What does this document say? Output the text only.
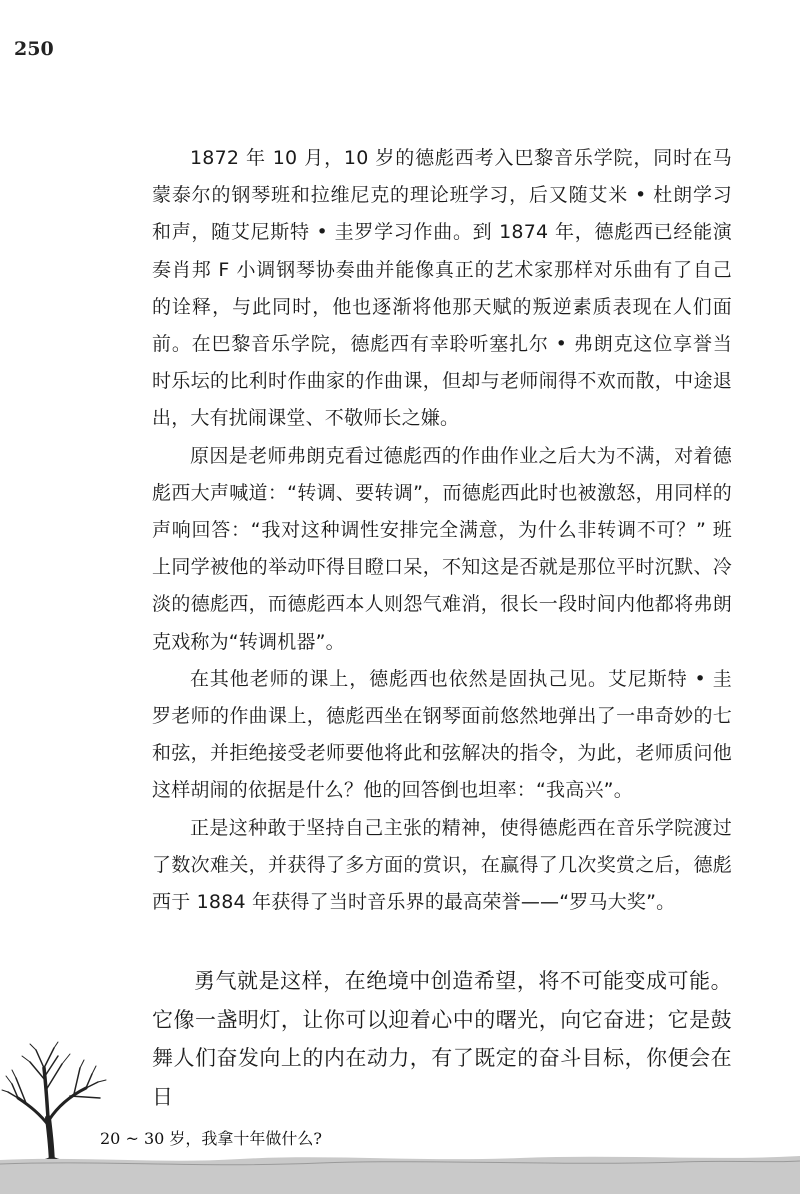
250

1872 年 10 月，10 岁的德彪西考入巴黎音乐学院，同时在马蒙泰尔的钢琴班和拉维尼克的理论班学习，后又随艾米 • 杜朗学习和声，随艾尼斯特 • 圭罗学习作曲。到 1874 年，德彪西已经能演奏肖邦 F 小调钢琴协奏曲并能像真正的艺术家那样对乐曲有了自己的诠释，与此同时，他也逐渐将他那天赋的叛逆素质表现在人们面前。在巴黎音乐学院，德彪西有幸聆听塞扎尔 • 弗朗克这位享誉当时乐坛的比利时作曲家的作曲课，但却与老师闹得不欢而散，中途退出，大有扰闹课堂、不敬师长之嫌。

原因是老师弗朗克看过德彪西的作曲作业之后大为不满，对着德彪西大声喊道：“转调、要转调”，而德彪西此时也被激怒，用同样的声响回答：“我对这种调性安排完全满意，为什么非转调不可？” 班上同学被他的举动吓得目瞪口呆，不知这是否就是那位平时沉默、冷淡的德彪西，而德彪西本人则怨气难消，很长一段时间内他都将弗朗克戏称为“转调机器”。

在其他老师的课上，德彪西也依然是固执己见。艾尼斯特 • 圭罗老师的作曲课上，德彪西坐在钢琴面前悠然地弹出了一串奇妙的七和弦，并拒绝接受老师要他将此和弦解决的指令，为此，老师质问他这样胡闹的依据是什么？他的回答倒也坦率：“我高兴”。

正是这种敢于坚持自己主张的精神，使得德彪西在音乐学院渡过了数次难关，并获得了多方面的赏识，在赢得了几次奖赏之后，德彪西于 1884 年获得了当时音乐界的最高荣誉——“罗马大奖”。

勇气就是这样，在绝境中创造希望，将不可能变成可能。它像一盏明灯，让你可以迎着心中的曙光，向它奋进；它是鼓舞人们奋发向上的内在动力，有了既定的奋斗目标，你便会在日

20 ~ 30 岁，我拿十年做什么?
